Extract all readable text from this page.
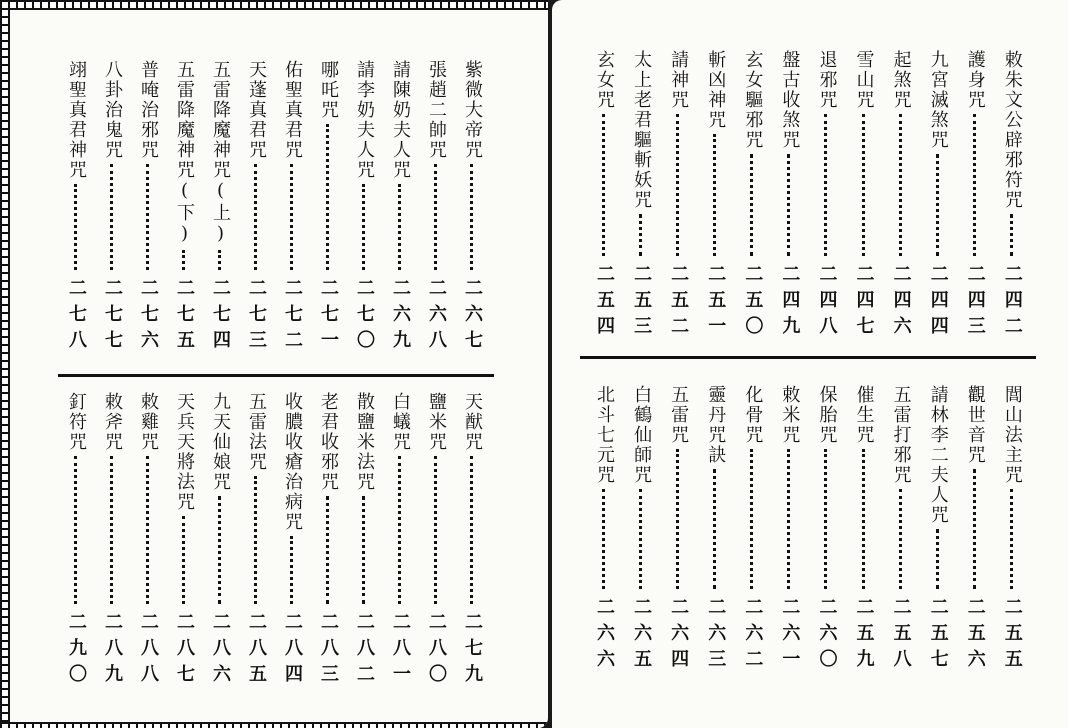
紫微大帝咒
二六七
張趙二帥咒
二六八
請陳奶夫人咒
二六九
請李奶夫人咒
二七〇
哪吒咒
二七一
佑聖真君咒
二七二
天蓬真君咒
二七三
五雷降魔神咒(上)
二七四
五雷降魔神咒(下)
二七五
普唵治邪咒
二七六
八卦治鬼咒
二七七
翊聖真君神咒
二七八
天猷咒
二七九
鹽米咒
二八〇
白蟻咒
二八一
散鹽米法咒
二八二
老君收邪咒
二八三
收膿收瘡治病咒
二八四
五雷法咒
二八五
九天仙娘咒
二八六
天兵天將法咒
二八七
敕雞咒
二八八
敕斧咒
二八九
釘符咒
二九〇
敕朱文公辟邪符咒
二四二
護身咒
二四三
九宮滅煞咒
二四四
起煞咒
二四六
雪山咒
二四七
退邪咒
二四八
盤古收煞咒
二四九
玄女驅邪咒
二五〇
斬凶神咒
二五一
請神咒
二五二
太上老君驅斬妖咒
二五三
玄女咒
二五四
閭山法主咒
二五五
觀世音咒
二五六
請林李二夫人咒
二五七
五雷打邪咒
二五八
催生咒
二五九
保胎咒
二六〇
敕米咒
二六一
化骨咒
二六二
靈丹咒訣
二六三
五雷咒
二六四
白鶴仙師咒
二六五
北斗七元咒
二六六
